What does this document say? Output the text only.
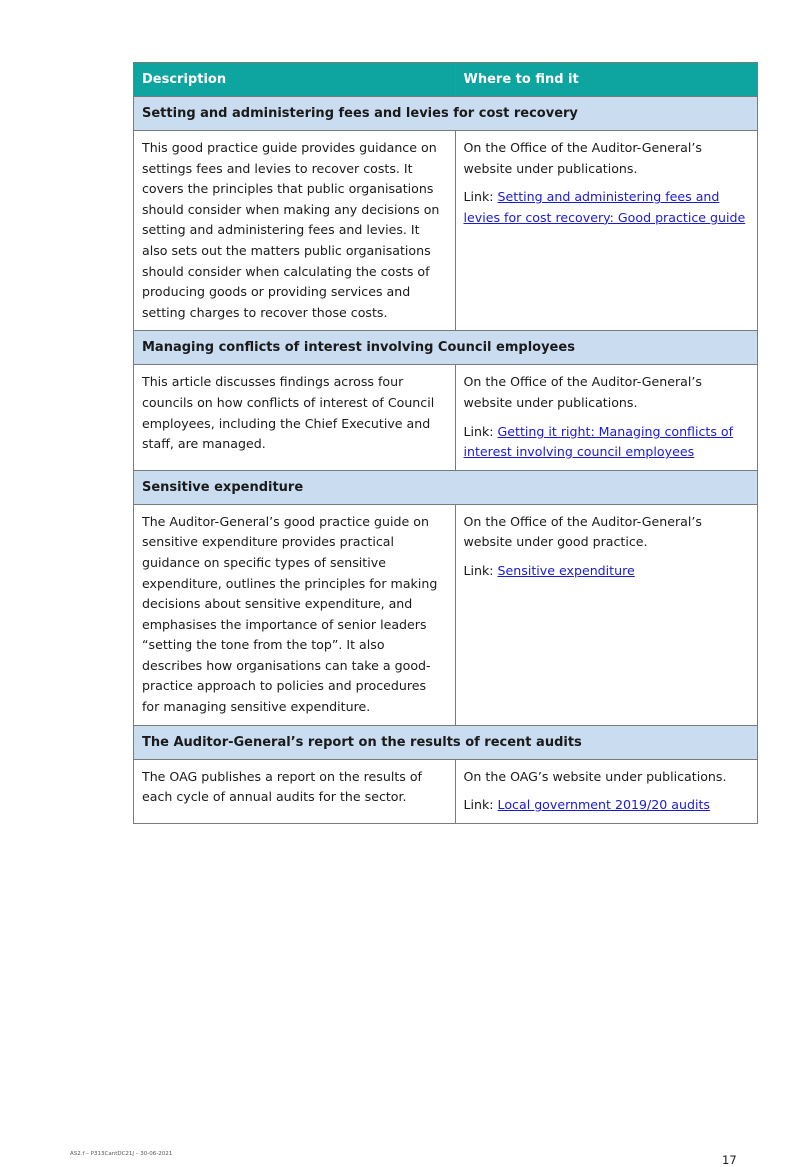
Description	Where to find it
Setting and administering fees and levies for cost recovery	
This good practice guide provides guidance on settings fees and levies to recover costs. It covers the principles that public organisations should consider when making any decisions on setting and administering fees and levies. It also sets out the matters public organisations should consider when calculating the costs of producing goods or providing services and setting charges to recover those costs.	On the Office of the Auditor-General’s website under publications.

Link: Setting and administering fees and levies for cost recovery: Good practice guide

Managing conflicts of interest involving Council employees	
This article discusses findings across four councils on how conflicts of interest of Council employees, including the Chief Executive and staff, are managed.	On the Office of the Auditor-General’s website under publications.

Link: Getting it right: Managing conflicts of interest involving council employees

Sensitive expenditure	
The Auditor-General’s good practice guide on sensitive expenditure provides practical guidance on specific types of sensitive expenditure, outlines the principles for making decisions about sensitive expenditure, and emphasises the importance of senior leaders “setting the tone from the top”. It also describes how organisations can take a good-practice approach to policies and procedures for managing sensitive expenditure.	On the Office of the Auditor-General’s website under good practice.

Link: Sensitive expenditure

The Auditor-General’s report on the results of recent audits	
The OAG publishes a report on the results of each cycle of annual audits for the sector.	On the OAG’s website under publications.

Link: Local government 2019/20 audits

AS2.f – P313CantDC21J – 30-06-2021	17
